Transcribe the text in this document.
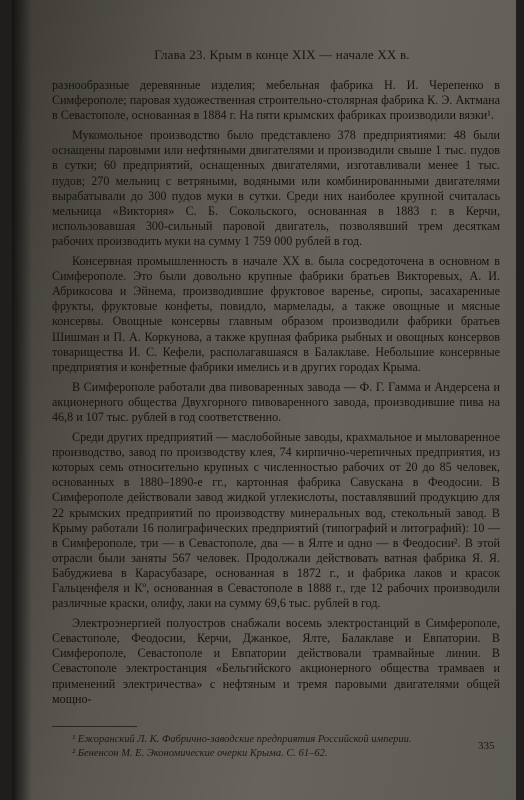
Глава 23. Крым в конце XIX — начале XX в.

разнообразные деревянные изделия; мебельная фабрика Н. И. Черепенко в Симферополе; паровая художественная строительно-столярная фабрика К. Э. Актмана в Севастополе, основанная в 1884 г. На пяти крымских фабриках производили вязки¹.

Мукомольное производство было представлено 378 предприятиями: 48 были оснащены паровыми или нефтяными двигателями и производили свыше 1 тыс. пудов в сутки; 60 предприятий, оснащенных двигателями, изготавливали менее 1 тыс. пудов; 270 мельниц с ветряными, водяными или комбинированными двигателями вырабатывали до 300 пудов муки в сутки. Среди них наиболее крупной считалась мельница «Виктория» С. Б. Сокольского, основанная в 1883 г. в Керчи, использовавшая 300-сильный паровой двигатель, позволявший трем десяткам рабочих производить муки на сумму 1 759 000 рублей в год.

Консервная промышленность в начале XX в. была сосредоточена в основном в Симферополе. Это были довольно крупные фабрики братьев Викторевых, А. И. Абрикосова и Эйнема, производившие фруктовое варенье, сиропы, засахаренные фрукты, фруктовые конфеты, повидло, мармелады, а также овощные и мясные консервы. Овощные консервы главным образом производили фабрики братьев Шишман и П. А. Коркунова, а также крупная фабрика рыбных и овощных консервов товарищества И. С. Кефели, располагавшаяся в Балаклаве. Небольшие консервные предприятия и конфетные фабрики имелись и в других городах Крыма.

В Симферополе работали два пивоваренных завода — Ф. Г. Гамма и Андерсена и акционерного общества Двухгорного пивоваренного завода, производившие пива на 46,8 и 107 тыс. рублей в год соответственно.

Среди других предприятий — маслобойные заводы, крахмальное и мыловаренное производство, завод по производству клея, 74 кирпично-черепичных предприятия, из которых семь относительно крупных с численностью рабочих от 20 до 85 человек, основанных в 1880–1890-е гг., картонная фабрика Савускана в Феодосии. В Симферополе действовали завод жидкой углекислоты, поставлявший продукцию для 22 крымских предприятий по производству минеральных вод, стекольный завод. В Крыму работали 16 полиграфических предприятий (типографий и литографий): 10 — в Симферополе, три — в Севастополе, два — в Ялте и одно — в Феодосии². В этой отрасли были заняты 567 человек. Продолжали действовать ватная фабрика Я. Я. Бабуджиева в Карасубазаре, основанная в 1872 г., и фабрика лаков и красок Гальценфеля и Кº, основанная в Севастополе в 1888 г., где 12 рабочих производили различные краски, олифу, лаки на сумму 69,6 тыс. рублей в год.

Электроэнергией полуостров снабжали восемь электростанций в Симферополе, Севастополе, Феодосии, Керчи, Джанкое, Ялте, Балаклаве и Евпатории. В Симферополе, Севастополе и Евпатории действовали трамвайные линии. В Севастополе электростанция «Бельгийского акционерного общества трамваев и применений электричества» с нефтяным и тремя паровыми двигателями общей мощно-

¹ Ежоранский Л. К. Фабрично-заводские предприятия Российской империи.
² Бененсон М. Е. Экономические очерки Крыма. С. 61–62.
335
